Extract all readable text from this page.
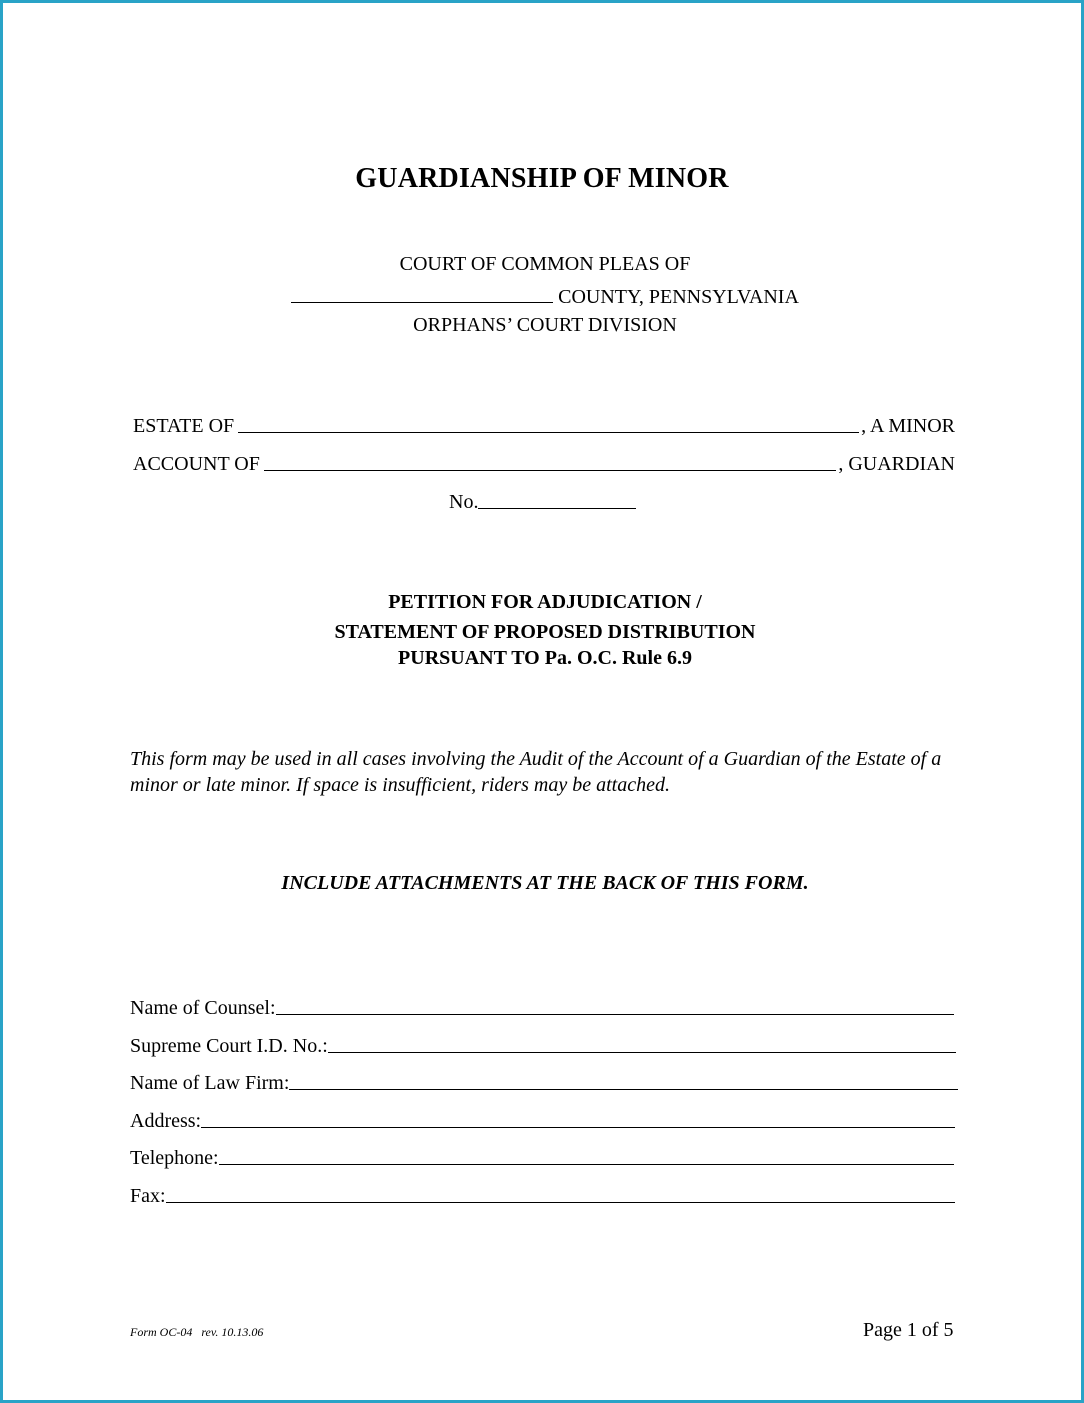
GUARDIANSHIP OF MINOR
COURT OF COMMON PLEAS OF
COUNTY, PENNSYLVANIA
ORPHANS’ COURT DIVISION
ESTATE OF	, A MINOR
ACCOUNT OF	, GUARDIAN
No.
PETITION FOR ADJUDICATION /
STATEMENT OF PROPOSED DISTRIBUTION
PURSUANT TO Pa. O.C. Rule 6.9
This form may be used in all cases involving the Audit of the Account of a Guardian of the Estate of a minor or late minor. If space is insufficient, riders may be attached.
INCLUDE ATTACHMENTS AT THE BACK OF THIS FORM.
Name of Counsel:
Supreme Court I.D. No.:
Name of Law Firm:
Address:
Telephone:
Fax:
Form OC-04   rev. 10.13.06	Page 1 of 5
